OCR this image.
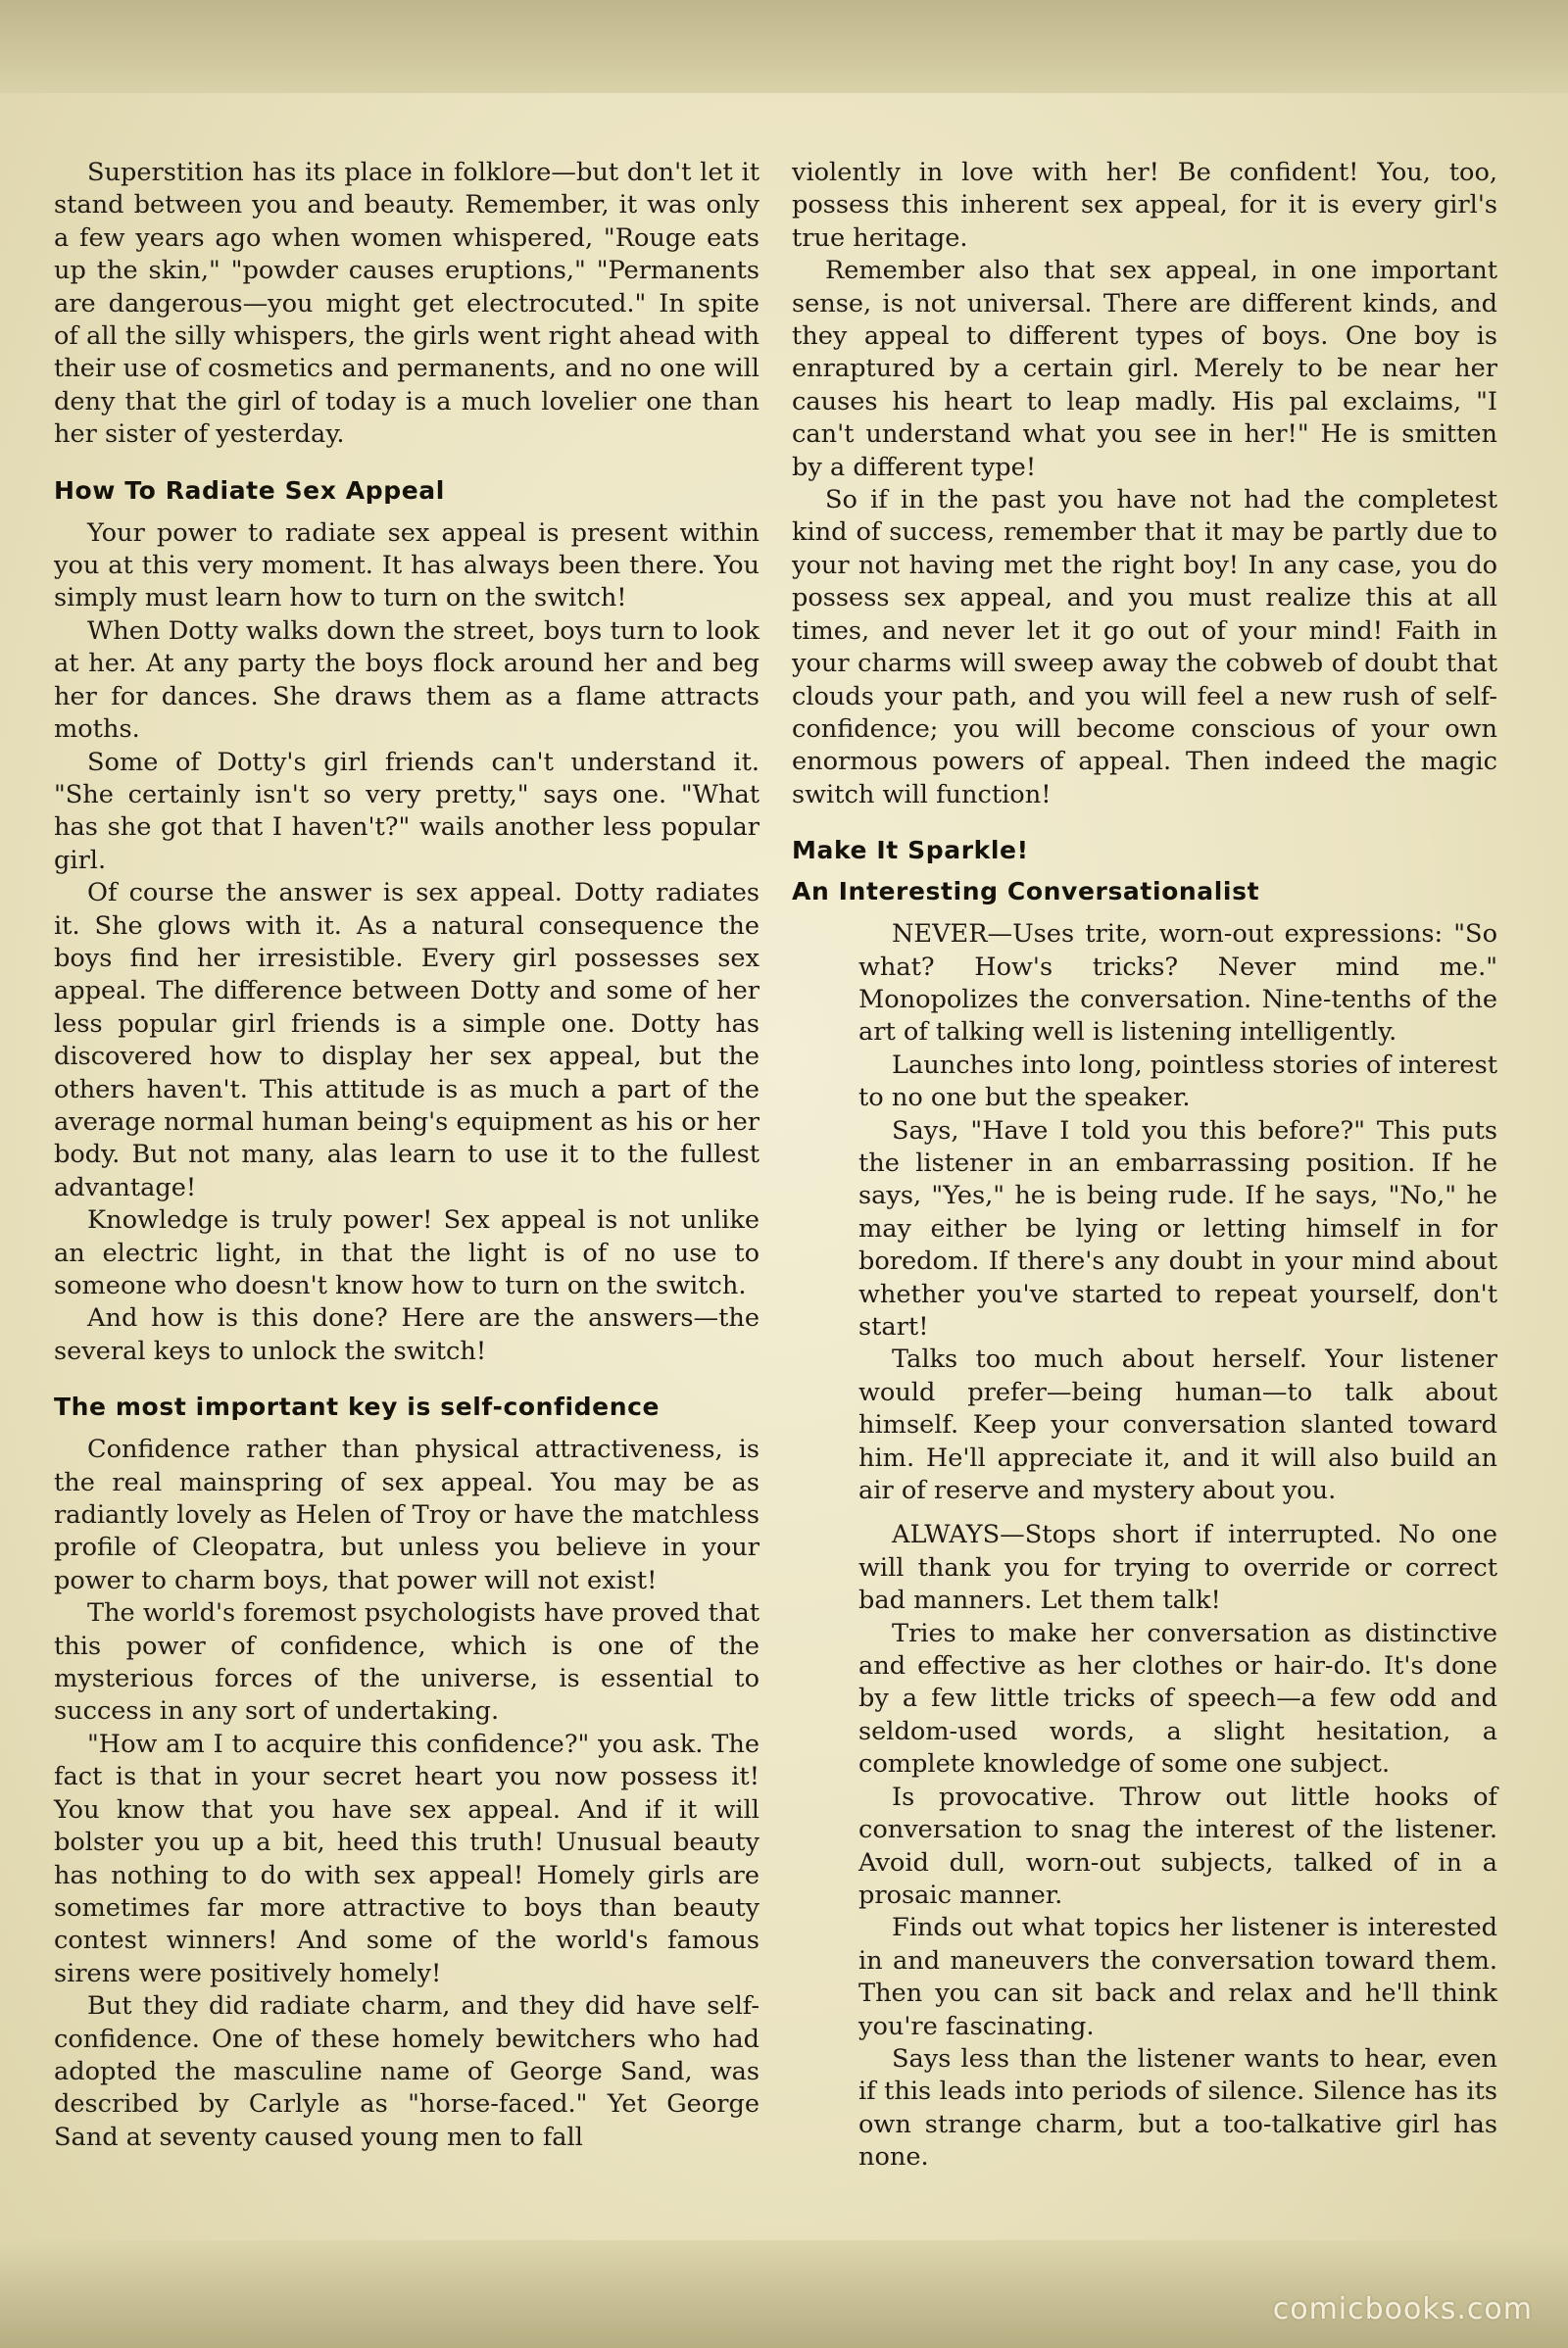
Superstition has its place in folklore—but don't let it stand between you and beauty. Remember, it was only a few years ago when women whispered, "Rouge eats up the skin," "powder causes eruptions," "Permanents are dangerous—you might get electrocuted." In spite of all the silly whispers, the girls went right ahead with their use of cosmetics and permanents, and no one will deny that the girl of today is a much lovelier one than her sister of yesterday.

How To Radiate Sex Appeal

Your power to radiate sex appeal is present within you at this very moment. It has always been there. You simply must learn how to turn on the switch!

When Dotty walks down the street, boys turn to look at her. At any party the boys flock around her and beg her for dances. She draws them as a flame attracts moths.

Some of Dotty's girl friends can't understand it. "She certainly isn't so very pretty," says one. "What has she got that I haven't?" wails another less popular girl.

Of course the answer is sex appeal. Dotty radiates it. She glows with it. As a natural consequence the boys find her irresistible. Every girl possesses sex appeal. The difference between Dotty and some of her less popular girl friends is a simple one. Dotty has discovered how to display her sex appeal, but the others haven't. This attitude is as much a part of the average normal human being's equipment as his or her body. But not many, alas learn to use it to the fullest advantage!

Knowledge is truly power! Sex appeal is not unlike an electric light, in that the light is of no use to someone who doesn't know how to turn on the switch.

And how is this done? Here are the answers—the several keys to unlock the switch!

The most important key is self-confidence

Confidence rather than physical attractiveness, is the real mainspring of sex appeal. You may be as radiantly lovely as Helen of Troy or have the matchless profile of Cleopatra, but unless you believe in your power to charm boys, that power will not exist!

The world's foremost psychologists have proved that this power of confidence, which is one of the mysterious forces of the universe, is essential to success in any sort of undertaking.

"How am I to acquire this confidence?" you ask. The fact is that in your secret heart you now possess it! You know that you have sex appeal. And if it will bolster you up a bit, heed this truth! Unusual beauty has nothing to do with sex appeal! Homely girls are sometimes far more attractive to boys than beauty contest winners! And some of the world's famous sirens were positively homely!

But they did radiate charm, and they did have self-confidence. One of these homely bewitchers who had adopted the masculine name of George Sand, was described by Carlyle as "horse-faced." Yet George Sand at seventy caused young men to fall

violently in love with her! Be confident! You, too, possess this inherent sex appeal, for it is every girl's true heritage.

Remember also that sex appeal, in one important sense, is not universal. There are different kinds, and they appeal to different types of boys. One boy is enraptured by a certain girl. Merely to be near her causes his heart to leap madly. His pal exclaims, "I can't understand what you see in her!" He is smitten by a different type!

So if in the past you have not had the completest kind of success, remember that it may be partly due to your not having met the right boy! In any case, you do possess sex appeal, and you must realize this at all times, and never let it go out of your mind! Faith in your charms will sweep away the cobweb of doubt that clouds your path, and you will feel a new rush of self-confidence; you will become conscious of your own enormous powers of appeal. Then indeed the magic switch will function!

Make It Sparkle!
An Interesting Conversationalist

NEVER—Uses trite, worn-out expressions: "So what? How's tricks? Never mind me." Monopolizes the conversation. Nine-tenths of the art of talking well is listening intelligently.

Launches into long, pointless stories of interest to no one but the speaker.

Says, "Have I told you this before?" This puts the listener in an embarrassing position. If he says, "Yes," he is being rude. If he says, "No," he may either be lying or letting himself in for boredom. If there's any doubt in your mind about whether you've started to repeat yourself, don't start!

Talks too much about herself. Your listener would prefer—being human—to talk about himself. Keep your conversation slanted toward him. He'll appreciate it, and it will also build an air of reserve and mystery about you.

ALWAYS—Stops short if interrupted. No one will thank you for trying to override or correct bad manners. Let them talk!

Tries to make her conversation as distinctive and effective as her clothes or hair-do. It's done by a few little tricks of speech—a few odd and seldom-used words, a slight hesitation, a complete knowledge of some one subject.

Is provocative. Throw out little hooks of conversation to snag the interest of the listener. Avoid dull, worn-out subjects, talked of in a prosaic manner.

Finds out what topics her listener is interested in and maneuvers the conversation toward them. Then you can sit back and relax and he'll think you're fascinating.

Says less than the listener wants to hear, even if this leads into periods of silence. Silence has its own strange charm, but a too-talkative girl has none.

comicbooks.com
